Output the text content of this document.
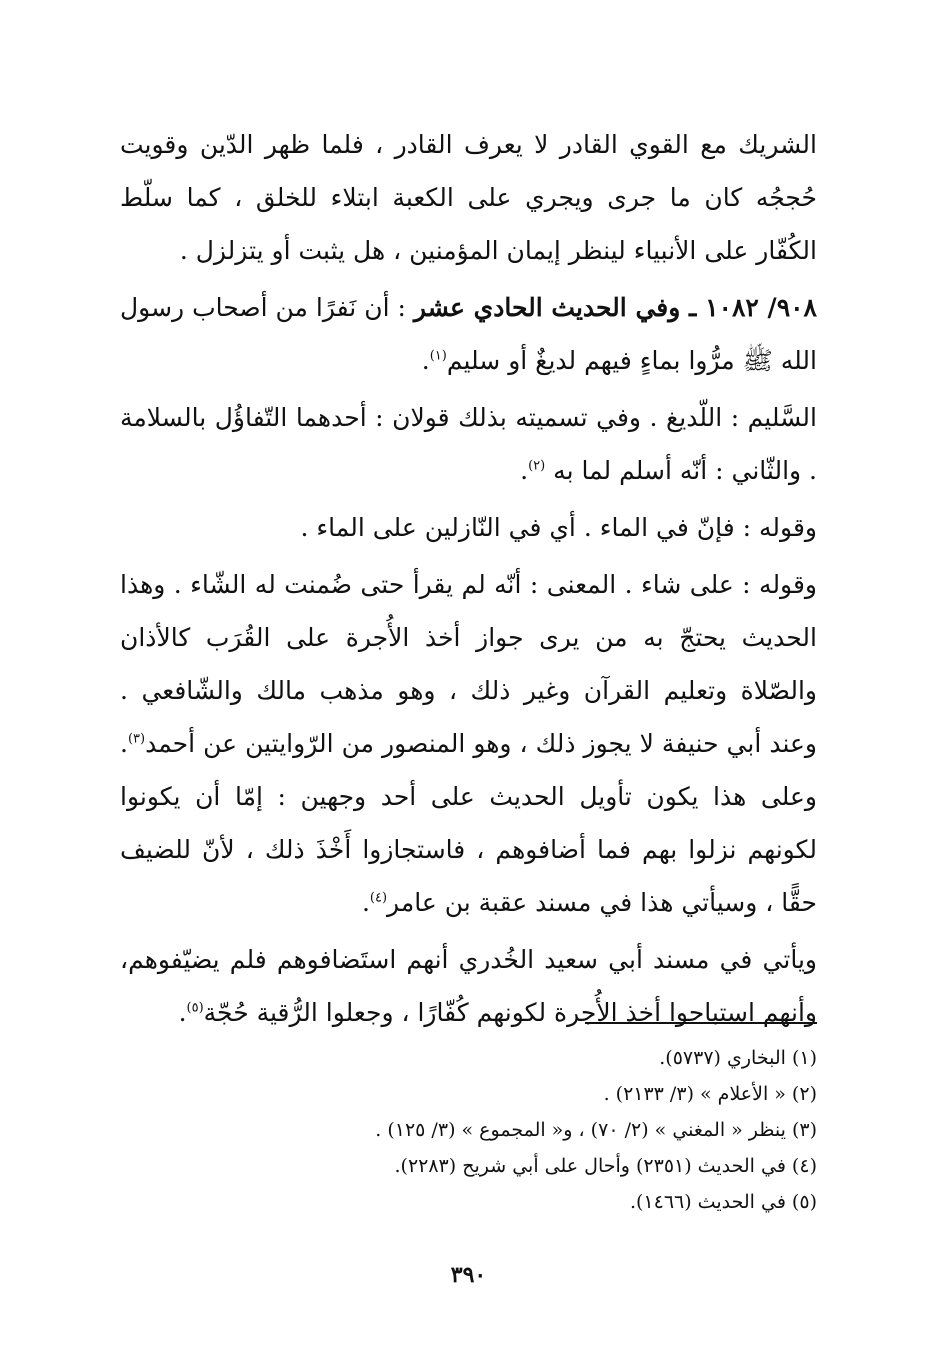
الشريك مع القوي القادر لا يعرف القادر ، فلما ظهر الدّين وقويت حُججُه كان ما جرى ويجري على الكعبة ابتلاء للخلق ، كما سلّط الكُفّار على الأنبياء لينظر إيمان المؤمنين ، هل يثبت أو يتزلزل .

٩٠٨/ ١٠٨٢ ـ وفي الحديث الحادي عشر : أن نَفرًا من أصحاب رسول الله ﷺ مرُّوا بماءٍ فيهم لديغٌ أو سليم$^{(١)}$.

السَّليم : اللّديغ . وفي تسميته بذلك قولان : أحدهما التّفاؤُل بالسلامة . والثّاني : أنّه أسلم لما به $^{(٢)}$.

وقوله : فإنّ في الماء . أي في النّازلين على الماء .

وقوله : على شاء . المعنى : أنّه لم يقرأ حتى ضُمنت له الشّاء . وهذا الحديث يحتجّ به من يرى جواز أخذ الأُجرة على القُرَب كالأذان والصّلاة وتعليم القرآن وغير ذلك ، وهو مذهب مالك والشّافعي . وعند أبي حنيفة لا يجوز ذلك ، وهو المنصور من الرّوايتين عن أحمد$^{(٣)}$. وعلى هذا يكون تأويل الحديث على أحد وجهين : إمّا أن يكونوا لكونهم نزلوا بهم فما أضافوهم ، فاستجازوا أَخْذَ ذلك ، لأنّ للضيف حقًّا ، وسيأتي هذا في مسند عقبة بن عامر$^{(٤)}$.

ويأتي في مسند أبي سعيد الخُدري أنهم استَضافوهم فلم يضيّفوهم، وأنهم استباحوا أخذ الأُجرة لكونهم كُفّارًا ، وجعلوا الرُّقية حُجّة$^{(٥)}$.

(١) البخاري (٥٧٣٧).

(٢) « الأعلام » (٣/ ٢١٣٣) .

(٣) ينظر « المغني » (٢/ ٧٠) ، و« المجموع » (٣/ ١٢٥) .

(٤) في الحديث (٢٣٥١) وأحال على أبي شريح (٢٢٨٣).

(٥) في الحديث (١٤٦٦).

٣٩٠
